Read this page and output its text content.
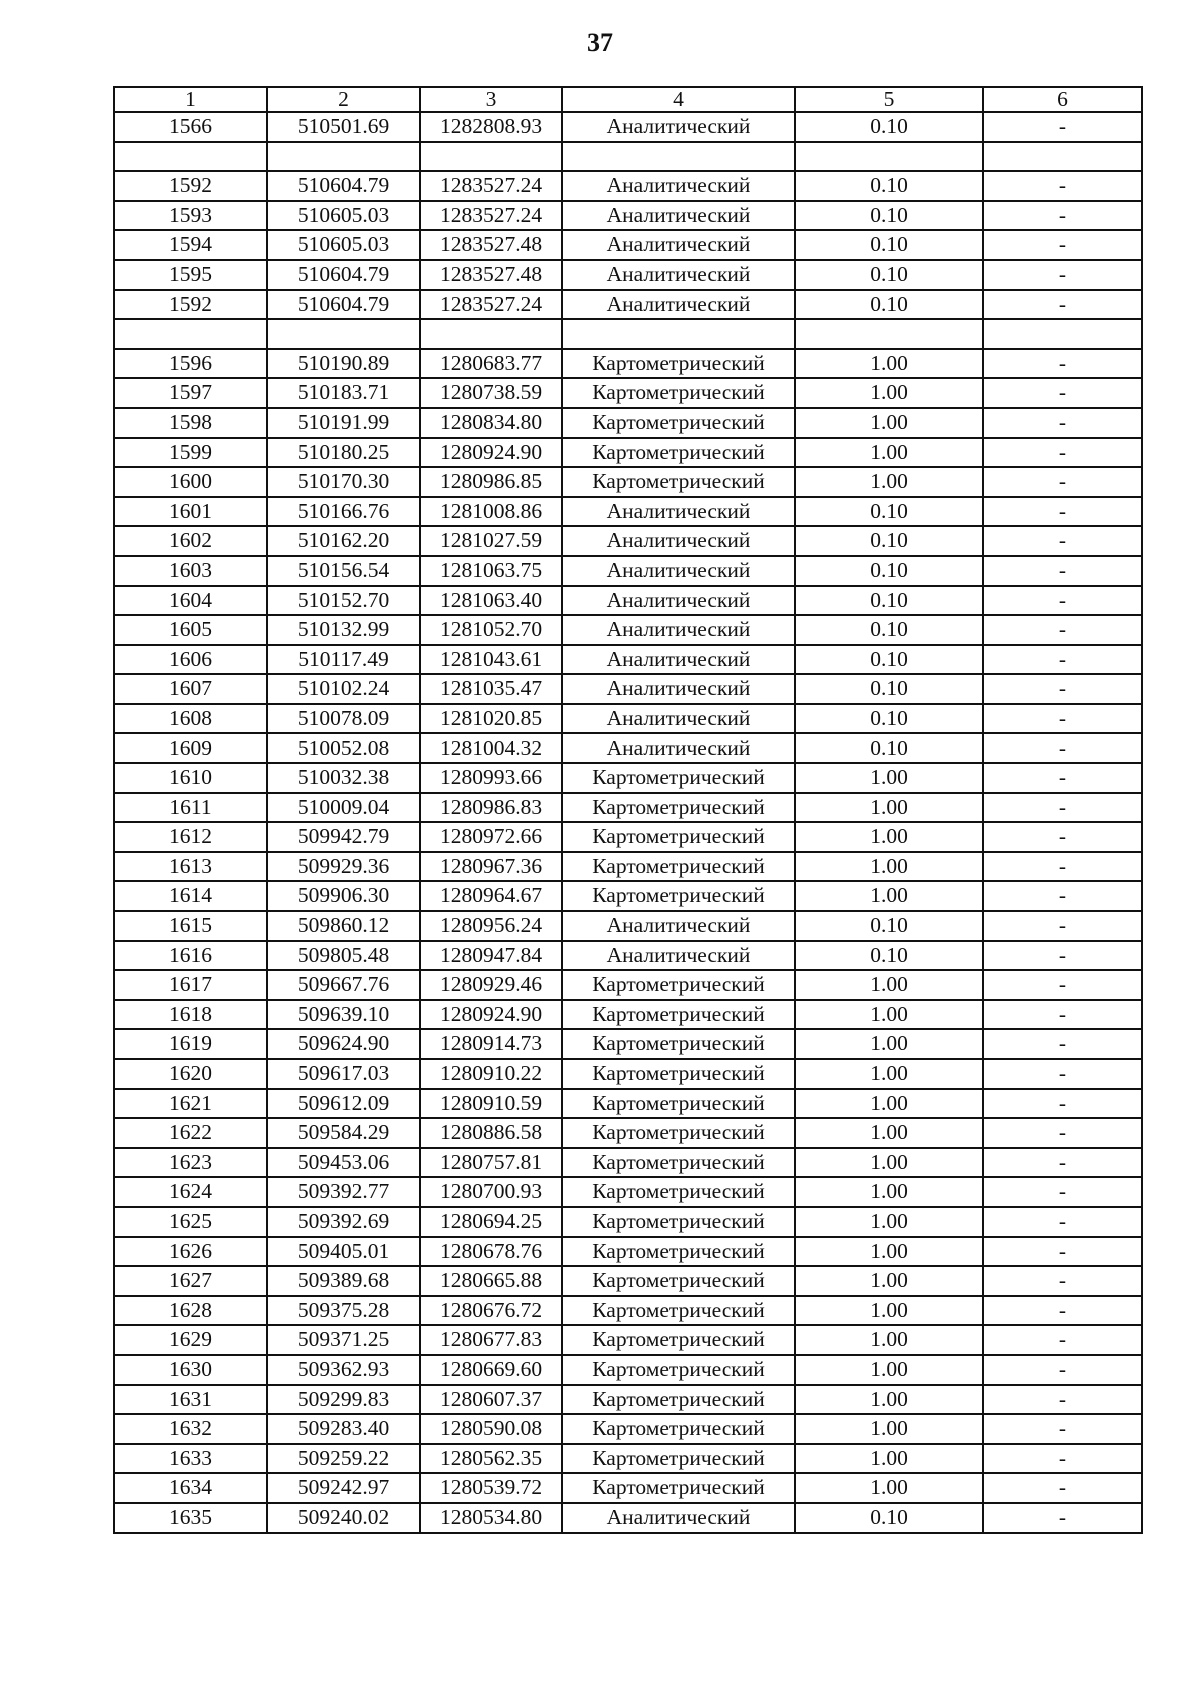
37
1	2	3	4	5	6
1566	510501.69	1282808.93	Аналитический	0.10	-

1592	510604.79	1283527.24	Аналитический	0.10	-
1593	510605.03	1283527.24	Аналитический	0.10	-
1594	510605.03	1283527.48	Аналитический	0.10	-
1595	510604.79	1283527.48	Аналитический	0.10	-
1592	510604.79	1283527.24	Аналитический	0.10	-

1596	510190.89	1280683.77	Картометрический	1.00	-
1597	510183.71	1280738.59	Картометрический	1.00	-
1598	510191.99	1280834.80	Картометрический	1.00	-
1599	510180.25	1280924.90	Картометрический	1.00	-
1600	510170.30	1280986.85	Картометрический	1.00	-
1601	510166.76	1281008.86	Аналитический	0.10	-
1602	510162.20	1281027.59	Аналитический	0.10	-
1603	510156.54	1281063.75	Аналитический	0.10	-
1604	510152.70	1281063.40	Аналитический	0.10	-
1605	510132.99	1281052.70	Аналитический	0.10	-
1606	510117.49	1281043.61	Аналитический	0.10	-
1607	510102.24	1281035.47	Аналитический	0.10	-
1608	510078.09	1281020.85	Аналитический	0.10	-
1609	510052.08	1281004.32	Аналитический	0.10	-
1610	510032.38	1280993.66	Картометрический	1.00	-
1611	510009.04	1280986.83	Картометрический	1.00	-
1612	509942.79	1280972.66	Картометрический	1.00	-
1613	509929.36	1280967.36	Картометрический	1.00	-
1614	509906.30	1280964.67	Картометрический	1.00	-
1615	509860.12	1280956.24	Аналитический	0.10	-
1616	509805.48	1280947.84	Аналитический	0.10	-
1617	509667.76	1280929.46	Картометрический	1.00	-
1618	509639.10	1280924.90	Картометрический	1.00	-
1619	509624.90	1280914.73	Картометрический	1.00	-
1620	509617.03	1280910.22	Картометрический	1.00	-
1621	509612.09	1280910.59	Картометрический	1.00	-
1622	509584.29	1280886.58	Картометрический	1.00	-
1623	509453.06	1280757.81	Картометрический	1.00	-
1624	509392.77	1280700.93	Картометрический	1.00	-
1625	509392.69	1280694.25	Картометрический	1.00	-
1626	509405.01	1280678.76	Картометрический	1.00	-
1627	509389.68	1280665.88	Картометрический	1.00	-
1628	509375.28	1280676.72	Картометрический	1.00	-
1629	509371.25	1280677.83	Картометрический	1.00	-
1630	509362.93	1280669.60	Картометрический	1.00	-
1631	509299.83	1280607.37	Картометрический	1.00	-
1632	509283.40	1280590.08	Картометрический	1.00	-
1633	509259.22	1280562.35	Картометрический	1.00	-
1634	509242.97	1280539.72	Картометрический	1.00	-
1635	509240.02	1280534.80	Аналитический	0.10	-
